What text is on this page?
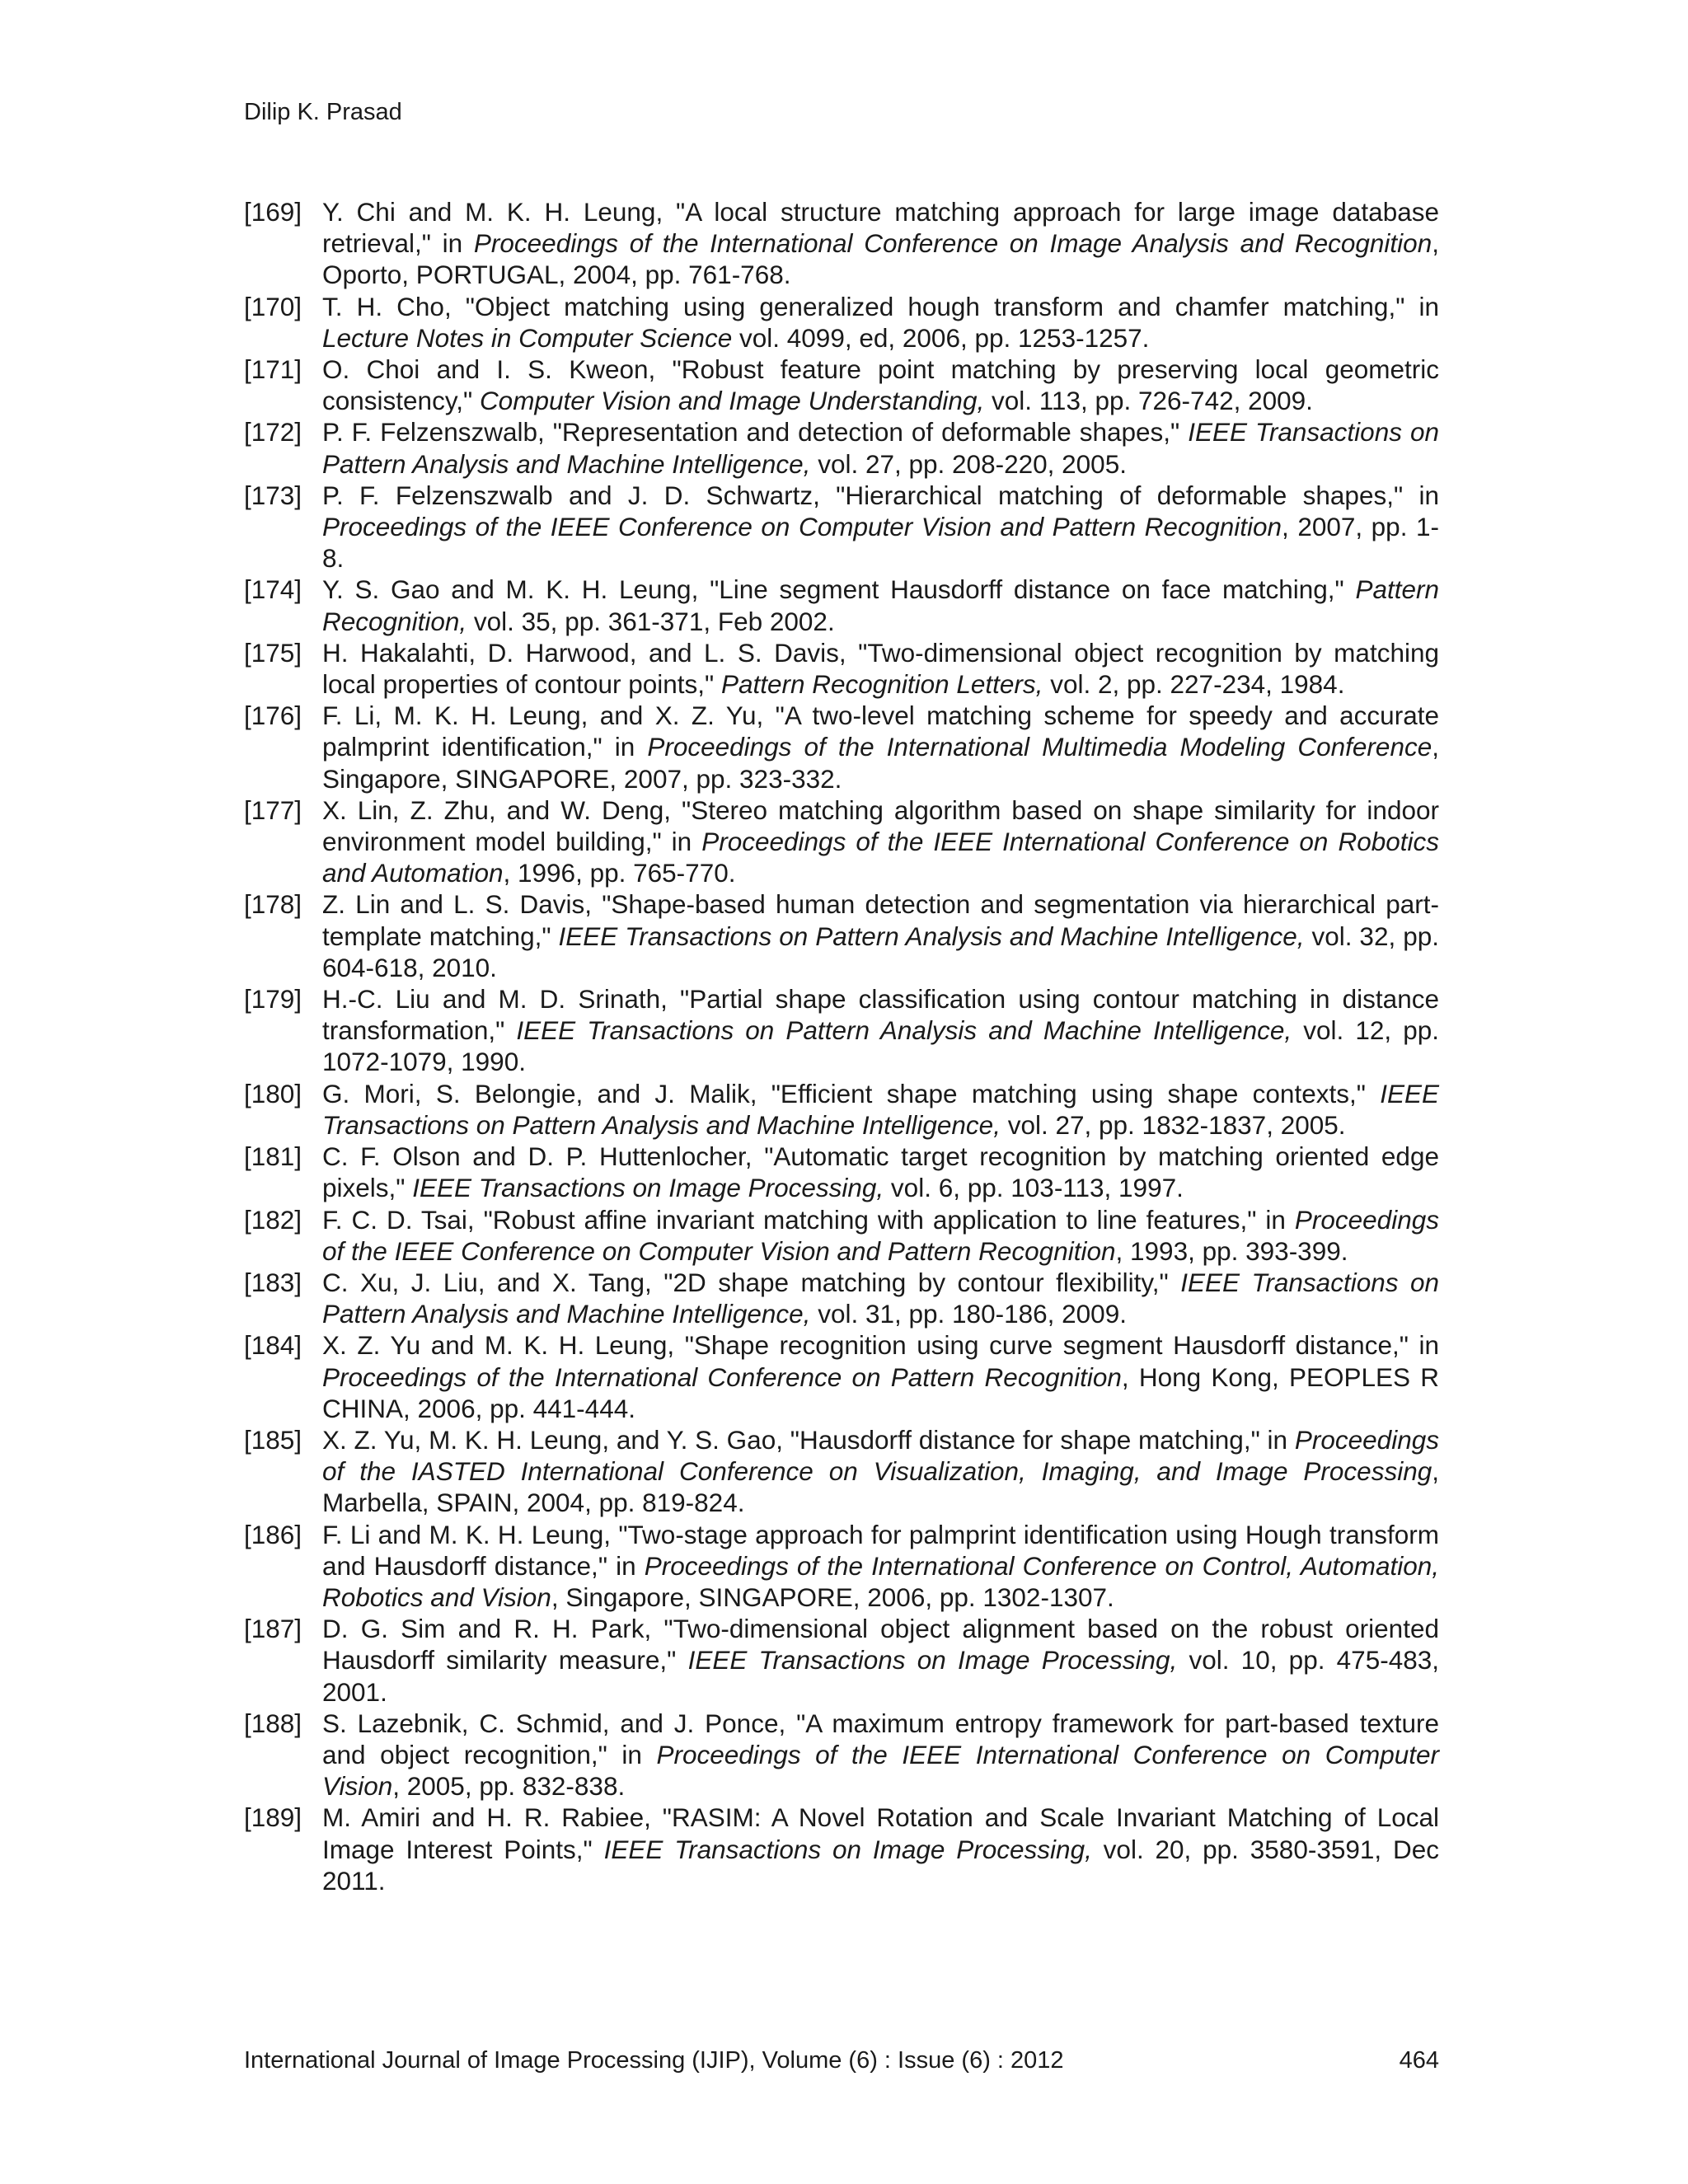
Dilip K. Prasad
[169] Y. Chi and M. K. H. Leung, "A local structure matching approach for large image database retrieval," in Proceedings of the International Conference on Image Analysis and Recognition, Oporto, PORTUGAL, 2004, pp. 761-768.
[170] T. H. Cho, "Object matching using generalized hough transform and chamfer matching," in Lecture Notes in Computer Science vol. 4099, ed, 2006, pp. 1253-1257.
[171] O. Choi and I. S. Kweon, "Robust feature point matching by preserving local geometric consistency," Computer Vision and Image Understanding, vol. 113, pp. 726-742, 2009.
[172] P. F. Felzenszwalb, "Representation and detection of deformable shapes," IEEE Transactions on Pattern Analysis and Machine Intelligence, vol. 27, pp. 208-220, 2005.
[173] P. F. Felzenszwalb and J. D. Schwartz, "Hierarchical matching of deformable shapes," in Proceedings of the IEEE Conference on Computer Vision and Pattern Recognition, 2007, pp. 1-8.
[174] Y. S. Gao and M. K. H. Leung, "Line segment Hausdorff distance on face matching," Pattern Recognition, vol. 35, pp. 361-371, Feb 2002.
[175] H. Hakalahti, D. Harwood, and L. S. Davis, "Two-dimensional object recognition by matching local properties of contour points," Pattern Recognition Letters, vol. 2, pp. 227-234, 1984.
[176] F. Li, M. K. H. Leung, and X. Z. Yu, "A two-level matching scheme for speedy and accurate palmprint identification," in Proceedings of the International Multimedia Modeling Conference, Singapore, SINGAPORE, 2007, pp. 323-332.
[177] X. Lin, Z. Zhu, and W. Deng, "Stereo matching algorithm based on shape similarity for indoor environment model building," in Proceedings of the IEEE International Conference on Robotics and Automation, 1996, pp. 765-770.
[178] Z. Lin and L. S. Davis, "Shape-based human detection and segmentation via hierarchical part-template matching," IEEE Transactions on Pattern Analysis and Machine Intelligence, vol. 32, pp. 604-618, 2010.
[179] H.-C. Liu and M. D. Srinath, "Partial shape classification using contour matching in distance transformation," IEEE Transactions on Pattern Analysis and Machine Intelligence, vol. 12, pp. 1072-1079, 1990.
[180] G. Mori, S. Belongie, and J. Malik, "Efficient shape matching using shape contexts," IEEE Transactions on Pattern Analysis and Machine Intelligence, vol. 27, pp. 1832-1837, 2005.
[181] C. F. Olson and D. P. Huttenlocher, "Automatic target recognition by matching oriented edge pixels," IEEE Transactions on Image Processing, vol. 6, pp. 103-113, 1997.
[182] F. C. D. Tsai, "Robust affine invariant matching with application to line features," in Proceedings of the IEEE Conference on Computer Vision and Pattern Recognition, 1993, pp. 393-399.
[183] C. Xu, J. Liu, and X. Tang, "2D shape matching by contour flexibility," IEEE Transactions on Pattern Analysis and Machine Intelligence, vol. 31, pp. 180-186, 2009.
[184] X. Z. Yu and M. K. H. Leung, "Shape recognition using curve segment Hausdorff distance," in Proceedings of the International Conference on Pattern Recognition, Hong Kong, PEOPLES R CHINA, 2006, pp. 441-444.
[185] X. Z. Yu, M. K. H. Leung, and Y. S. Gao, "Hausdorff distance for shape matching," in Proceedings of the IASTED International Conference on Visualization, Imaging, and Image Processing, Marbella, SPAIN, 2004, pp. 819-824.
[186] F. Li and M. K. H. Leung, "Two-stage approach for palmprint identification using Hough transform and Hausdorff distance," in Proceedings of the International Conference on Control, Automation, Robotics and Vision, Singapore, SINGAPORE, 2006, pp. 1302-1307.
[187] D. G. Sim and R. H. Park, "Two-dimensional object alignment based on the robust oriented Hausdorff similarity measure," IEEE Transactions on Image Processing, vol. 10, pp. 475-483, 2001.
[188] S. Lazebnik, C. Schmid, and J. Ponce, "A maximum entropy framework for part-based texture and object recognition," in Proceedings of the IEEE International Conference on Computer Vision, 2005, pp. 832-838.
[189] M. Amiri and H. R. Rabiee, "RASIM: A Novel Rotation and Scale Invariant Matching of Local Image Interest Points," IEEE Transactions on Image Processing, vol. 20, pp. 3580-3591, Dec 2011.
International Journal of Image Processing (IJIP), Volume (6) : Issue (6) : 2012	464
